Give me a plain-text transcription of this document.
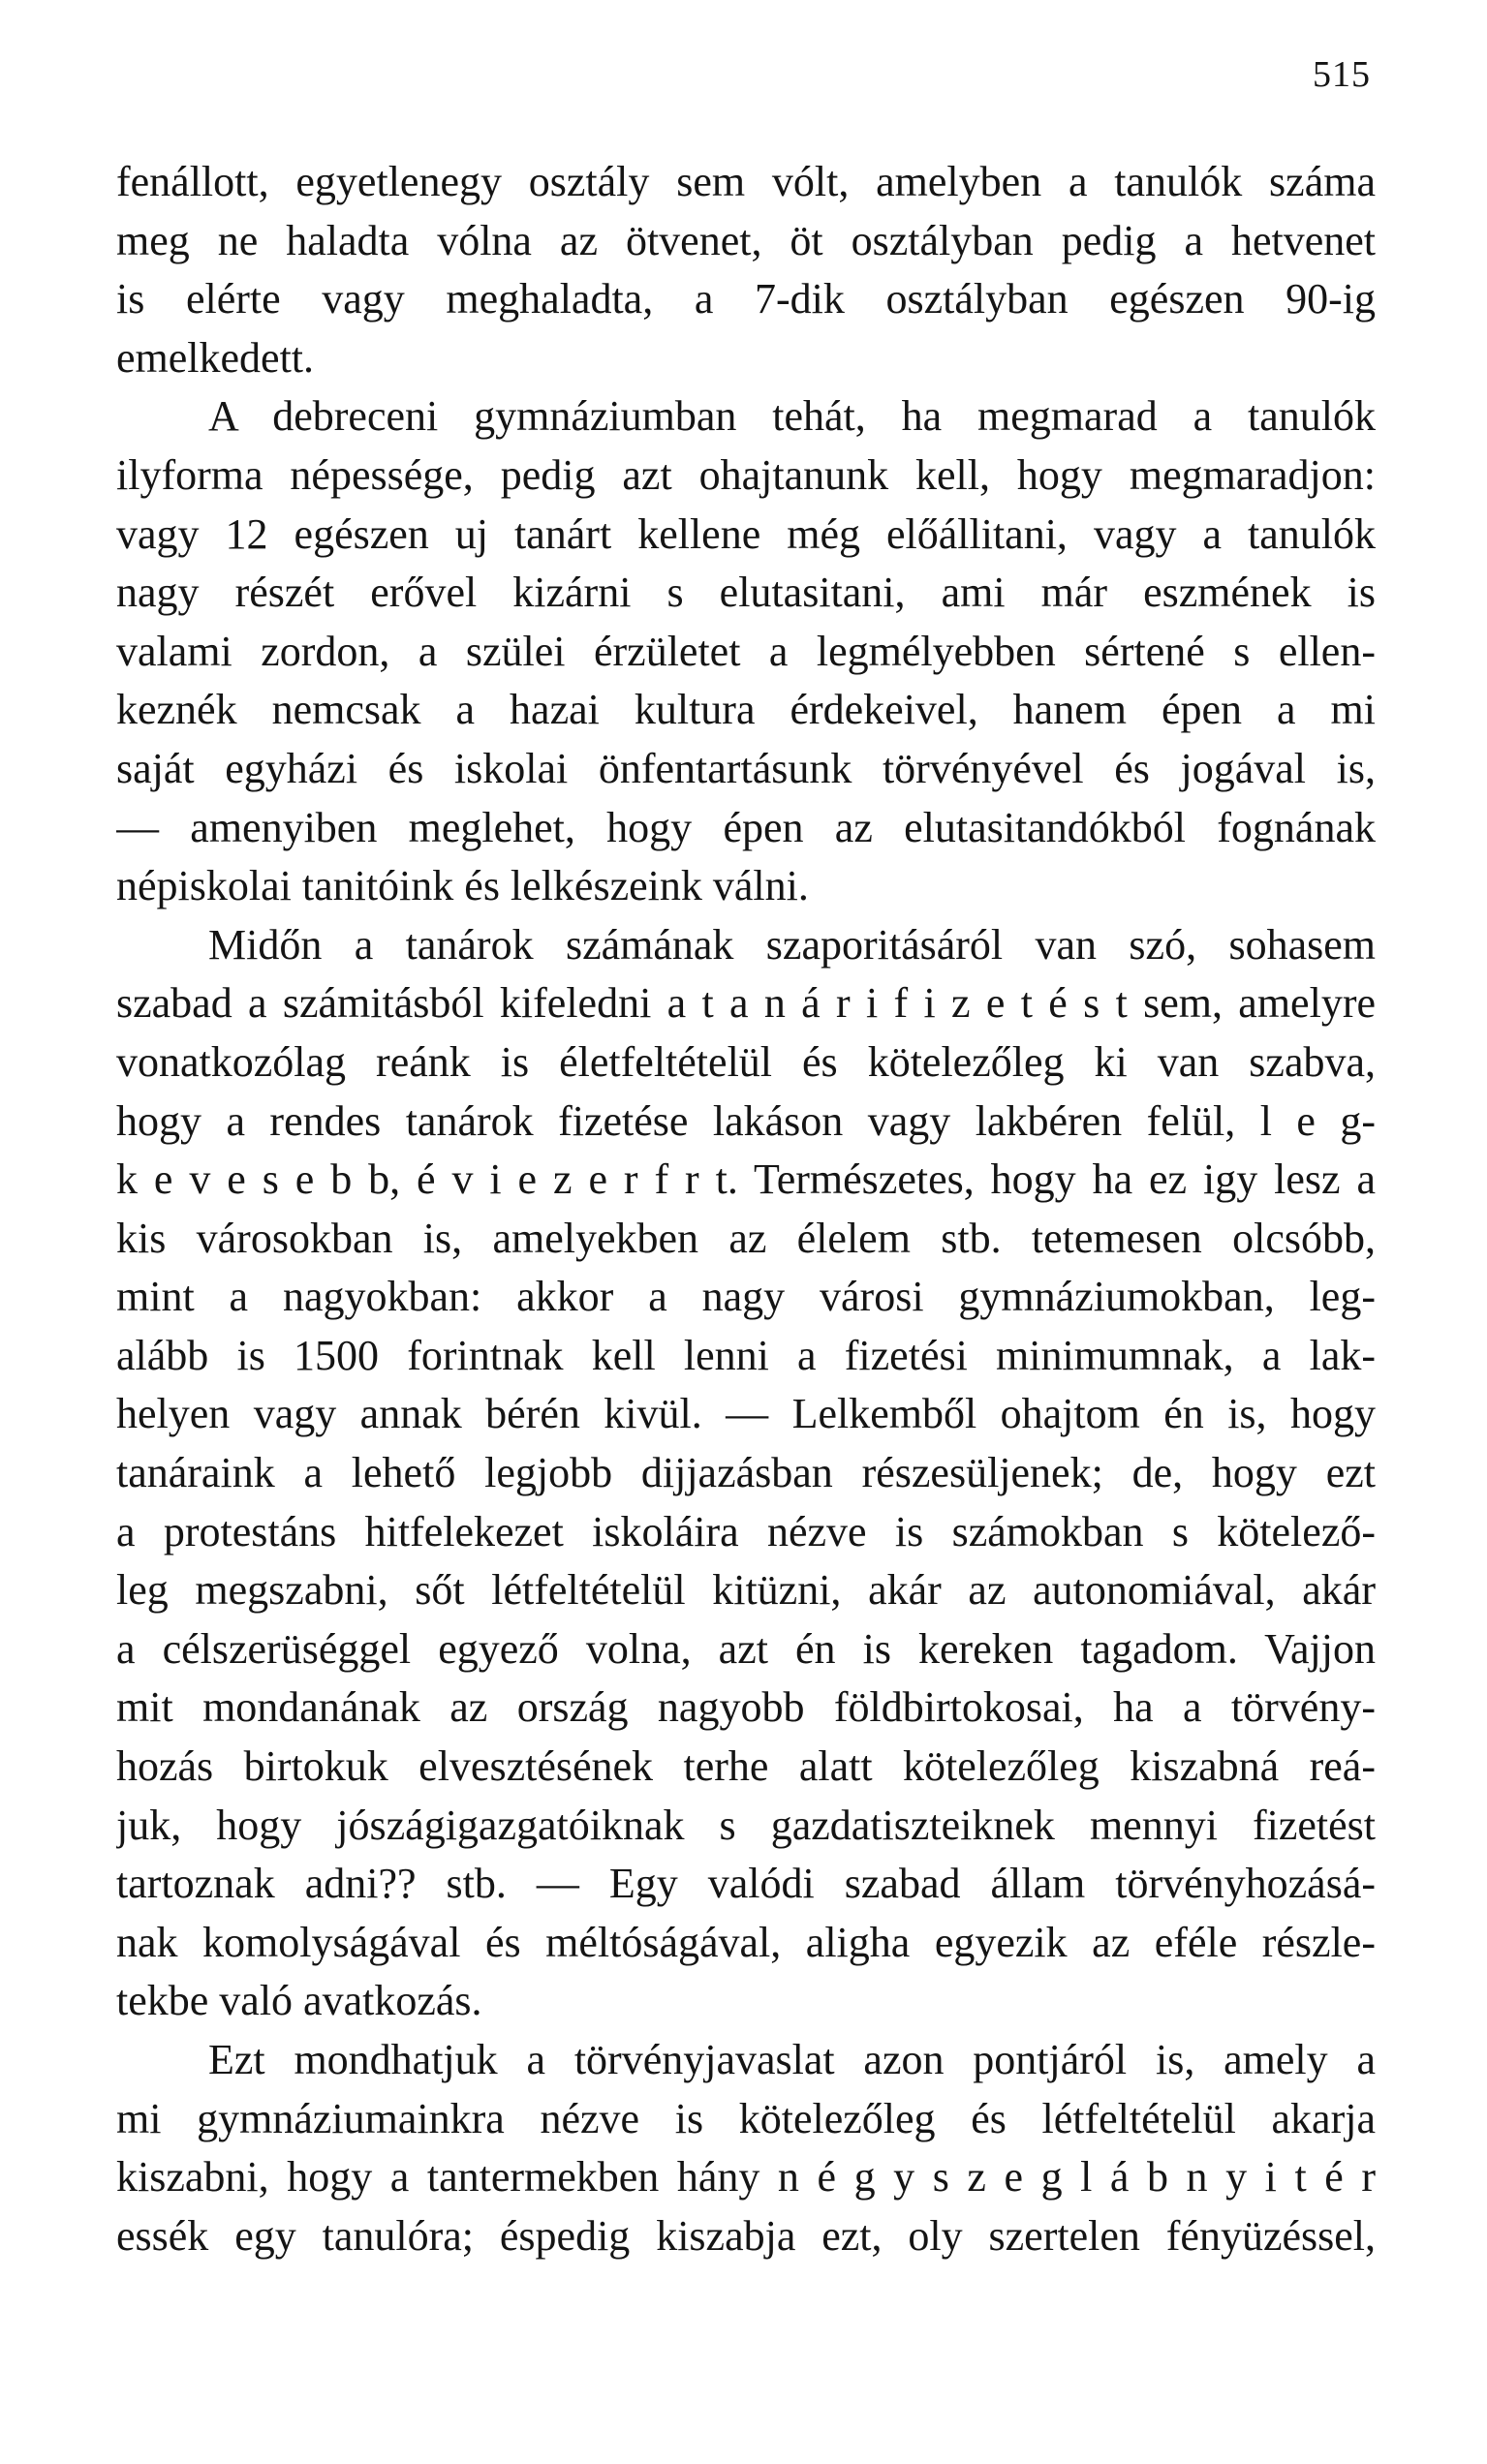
515
fenállott, egyetlenegy osztály sem vólt, amelyben a tanulók száma
meg ne haladta vólna az ötvenet, öt osztályban pedig a hetvenet
is elérte vagy meghaladta, a 7-dik osztályban egészen 90-ig
emelkedett.
A debreceni gymnáziumban tehát, ha megmarad a tanulók
ilyforma népessége, pedig azt ohajtanunk kell, hogy megmaradjon:
vagy 12 egészen uj tanárt kellene még előállitani, vagy a tanulók
nagy részét erővel kizárni s elutasitani, ami már eszmének is
valami zordon, a szülei érzületet a legmélyebben sértené s ellen-
keznék nemcsak a hazai kultura érdekeivel, hanem épen a mi
saját egyházi és iskolai önfentartásunk törvényével és jogával is,
— amenyiben meglehet, hogy épen az elutasitandókból fognának
népiskolai tanitóink és lelkészeink válni.
Midőn a tanárok számának szaporitásáról van szó, sohasem
szabad a számitásból kifeledni a t a n á r i f i z e t é s t sem, amelyre
vonatkozólag reánk is életfeltételül és kötelezőleg ki van szabva,
hogy a rendes tanárok fizetése lakáson vagy lakbéren felül, l e g-
k e v e s e b b, é v i e z e r f r t. Természetes, hogy ha ez igy lesz a
kis városokban is, amelyekben az élelem stb. tetemesen olcsóbb,
mint a nagyokban: akkor a nagy városi gymnáziumokban, leg-
alább is 1500 forintnak kell lenni a fizetési minimumnak, a lak-
helyen vagy annak bérén kivül. — Lelkemből ohajtom én is, hogy
tanáraink a lehető legjobb dijjazásban részesüljenek; de, hogy ezt
a protestáns hitfelekezet iskoláira nézve is számokban s kötelező-
leg megszabni, sőt létfeltételül kitüzni, akár az autonomiával, akár
a célszerüséggel egyező volna, azt én is kereken tagadom. Vajjon
mit mondanának az ország nagyobb földbirtokosai, ha a törvény-
hozás birtokuk elvesztésének terhe alatt kötelezőleg kiszabná reá-
juk, hogy jószágigazgatóiknak s gazdatiszteiknek mennyi fizetést
tartoznak adni?? stb. — Egy valódi szabad állam törvényhozásá-
nak komolyságával és méltóságával, aligha egyezik az eféle részle-
tekbe való avatkozás.
Ezt mondhatjuk a törvényjavaslat azon pontjáról is, amely a
mi gymnáziumainkra nézve is kötelezőleg és létfeltételül akarja
kiszabni, hogy a tantermekben hány n é g y s z e g l á b n y i t é r
essék egy tanulóra; éspedig kiszabja ezt, oly szertelen fényüzéssel,
